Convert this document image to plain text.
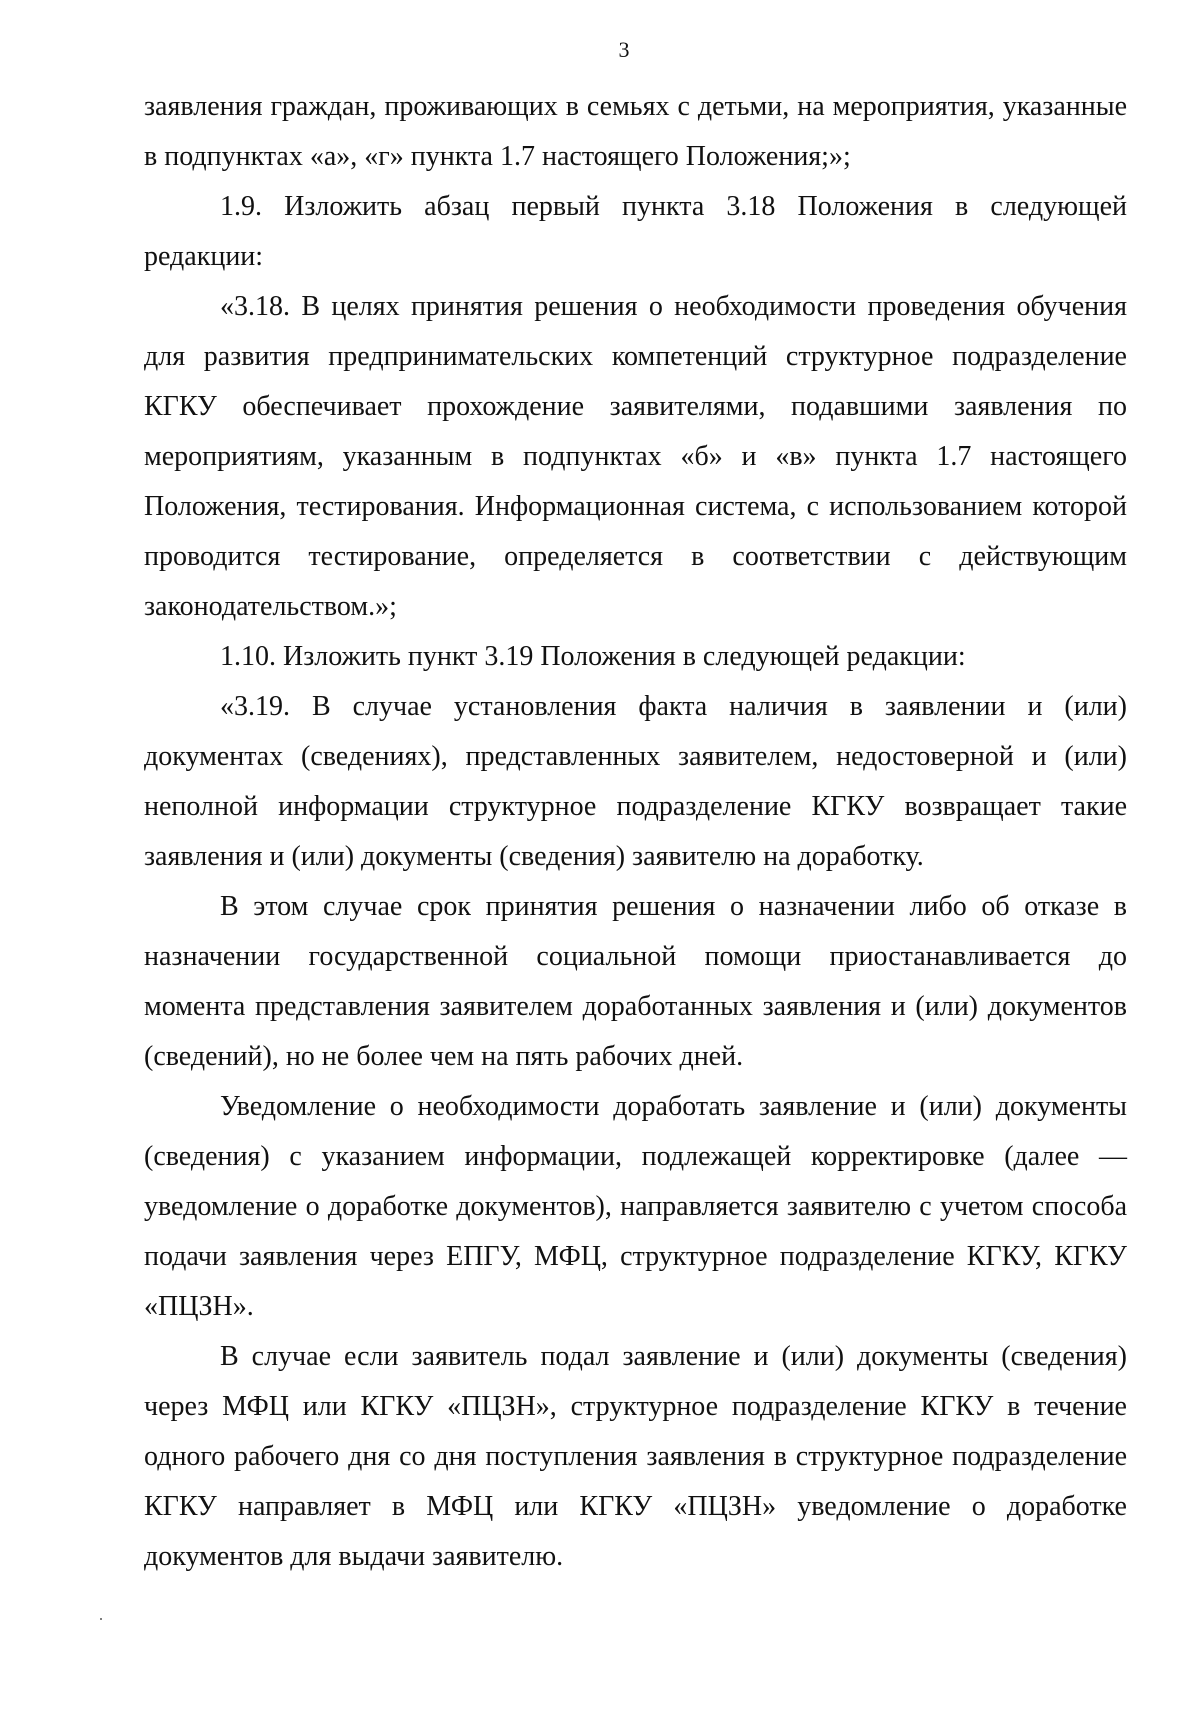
3

заявления граждан, проживающих в семьях с детьми, на мероприятия, указанные в подпунктах «а», «г» пункта 1.7 настоящего Положения;»;

1.9. Изложить абзац первый пункта 3.18 Положения в следующей редакции:

«3.18. В целях принятия решения о необходимости проведения обучения для развития предпринимательских компетенций структурное подразделение КГКУ обеспечивает прохождение заявителями, подавшими заявления по мероприятиям, указанным в подпунктах «б» и «в» пункта 1.7 настоящего Положения, тестирования. Информационная система, с использованием которой проводится тестирование, определяется в соответствии с действующим законодательством.»;

1.10. Изложить пункт 3.19 Положения в следующей редакции:

«3.19. В случае установления факта наличия в заявлении и (или) документах (сведениях), представленных заявителем, недостоверной и (или) неполной информации структурное подразделение КГКУ возвращает такие заявления и (или) документы (сведения) заявителю на доработку.

В этом случае срок принятия решения о назначении либо об отказе в назначении государственной социальной помощи приостанавливается до момента представления заявителем доработанных заявления и (или) документов (сведений), но не более чем на пять рабочих дней.

Уведомление о необходимости доработать заявление и (или) документы (сведения) с указанием информации, подлежащей корректировке (далее — уведомление о доработке документов), направляется заявителю с учетом способа подачи заявления через ЕПГУ, МФЦ, структурное подразделение КГКУ, КГКУ «ПЦЗН».

В случае если заявитель подал заявление и (или) документы (сведения) через МФЦ или КГКУ «ПЦЗН», структурное подразделение КГКУ в течение одного рабочего дня со дня поступления заявления в структурное подразделение КГКУ направляет в МФЦ или КГКУ «ПЦЗН» уведомление о доработке документов для выдачи заявителю.
